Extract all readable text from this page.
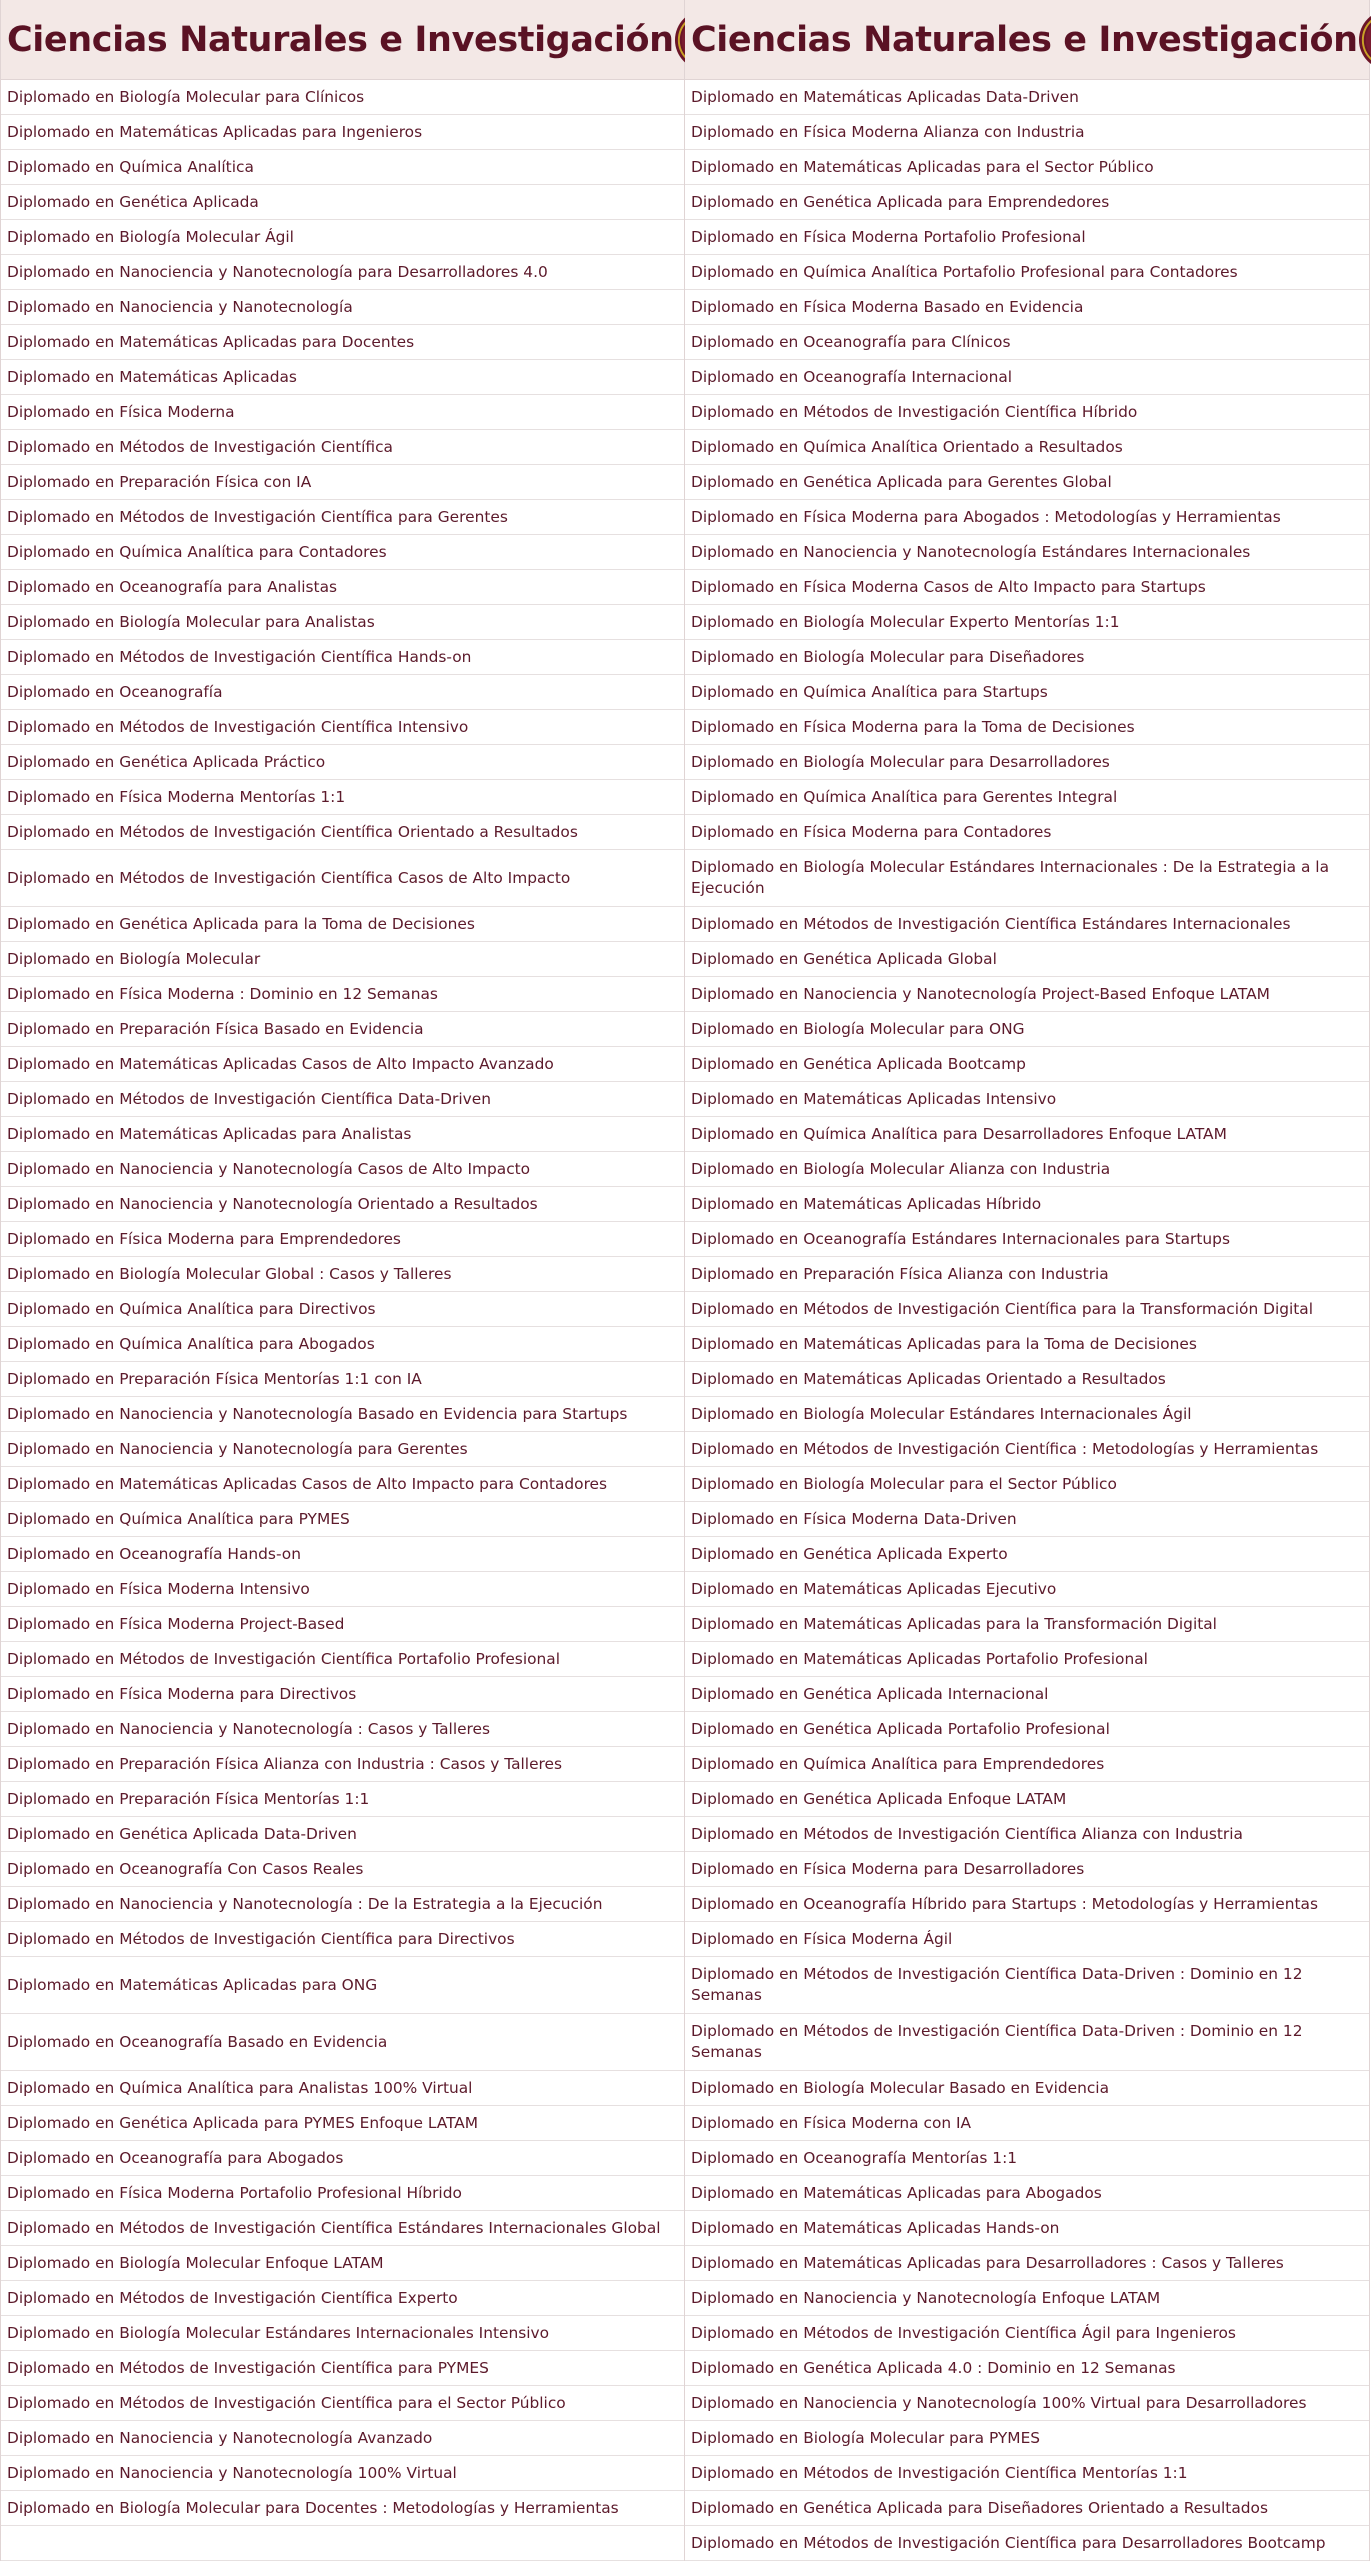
Ciencias Naturales e Investigación
Diplomado en Biología Molecular para Clínicos
Diplomado en Matemáticas Aplicadas para Ingenieros
Diplomado en Química Analítica
Diplomado en Genética Aplicada
Diplomado en Biología Molecular Ágil
Diplomado en Nanociencia y Nanotecnología para Desarrolladores 4.0
Diplomado en Nanociencia y Nanotecnología
Diplomado en Matemáticas Aplicadas para Docentes
Diplomado en Matemáticas Aplicadas
Diplomado en Física Moderna
Diplomado en Métodos de Investigación Científica
Diplomado en Preparación Física con IA
Diplomado en Métodos de Investigación Científica para Gerentes
Diplomado en Química Analítica para Contadores
Diplomado en Oceanografía para Analistas
Diplomado en Biología Molecular para Analistas
Diplomado en Métodos de Investigación Científica Hands-on
Diplomado en Oceanografía
Diplomado en Métodos de Investigación Científica Intensivo
Diplomado en Genética Aplicada Práctico
Diplomado en Física Moderna Mentorías 1:1
Diplomado en Métodos de Investigación Científica Orientado a Resultados
Diplomado en Métodos de Investigación Científica Casos de Alto Impacto
Diplomado en Genética Aplicada para la Toma de Decisiones
Diplomado en Biología Molecular
Diplomado en Física Moderna : Dominio en 12 Semanas
Diplomado en Preparación Física Basado en Evidencia
Diplomado en Matemáticas Aplicadas Casos de Alto Impacto Avanzado
Diplomado en Métodos de Investigación Científica Data-Driven
Diplomado en Matemáticas Aplicadas para Analistas
Diplomado en Nanociencia y Nanotecnología Casos de Alto Impacto
Diplomado en Nanociencia y Nanotecnología Orientado a Resultados
Diplomado en Física Moderna para Emprendedores
Diplomado en Biología Molecular Global : Casos y Talleres
Diplomado en Química Analítica para Directivos
Diplomado en Química Analítica para Abogados
Diplomado en Preparación Física Mentorías 1:1 con IA
Diplomado en Nanociencia y Nanotecnología Basado en Evidencia para Startups
Diplomado en Nanociencia y Nanotecnología para Gerentes
Diplomado en Matemáticas Aplicadas Casos de Alto Impacto para Contadores
Diplomado en Química Analítica para PYMES
Diplomado en Oceanografía Hands-on
Diplomado en Física Moderna Intensivo
Diplomado en Física Moderna Project-Based
Diplomado en Métodos de Investigación Científica Portafolio Profesional
Diplomado en Física Moderna para Directivos
Diplomado en Nanociencia y Nanotecnología : Casos y Talleres
Diplomado en Preparación Física Alianza con Industria : Casos y Talleres
Diplomado en Preparación Física Mentorías 1:1
Diplomado en Genética Aplicada Data-Driven
Diplomado en Oceanografía Con Casos Reales
Diplomado en Nanociencia y Nanotecnología : De la Estrategia a la Ejecución
Diplomado en Métodos de Investigación Científica para Directivos
Diplomado en Matemáticas Aplicadas para ONG
Diplomado en Oceanografía Basado en Evidencia
Diplomado en Química Analítica para Analistas 100% Virtual
Diplomado en Genética Aplicada para PYMES Enfoque LATAM
Diplomado en Oceanografía para Abogados
Diplomado en Física Moderna Portafolio Profesional Híbrido
Diplomado en Métodos de Investigación Científica Estándares Internacionales Global
Diplomado en Biología Molecular Enfoque LATAM
Diplomado en Métodos de Investigación Científica Experto
Diplomado en Biología Molecular Estándares Internacionales Intensivo
Diplomado en Métodos de Investigación Científica para PYMES
Diplomado en Métodos de Investigación Científica para el Sector Público
Diplomado en Nanociencia y Nanotecnología Avanzado
Diplomado en Nanociencia y Nanotecnología 100% Virtual
Diplomado en Biología Molecular para Docentes : Metodologías y Herramientas
Ciencias Naturales e Investigación
Diplomado en Matemáticas Aplicadas Data-Driven
Diplomado en Física Moderna Alianza con Industria
Diplomado en Matemáticas Aplicadas para el Sector Público
Diplomado en Genética Aplicada para Emprendedores
Diplomado en Física Moderna Portafolio Profesional
Diplomado en Química Analítica Portafolio Profesional para Contadores
Diplomado en Física Moderna Basado en Evidencia
Diplomado en Oceanografía para Clínicos
Diplomado en Oceanografía Internacional
Diplomado en Métodos de Investigación Científica Híbrido
Diplomado en Química Analítica Orientado a Resultados
Diplomado en Genética Aplicada para Gerentes Global
Diplomado en Física Moderna para Abogados : Metodologías y Herramientas
Diplomado en Nanociencia y Nanotecnología Estándares Internacionales
Diplomado en Física Moderna Casos de Alto Impacto para Startups
Diplomado en Biología Molecular Experto Mentorías 1:1
Diplomado en Biología Molecular para Diseñadores
Diplomado en Química Analítica para Startups
Diplomado en Física Moderna para la Toma de Decisiones
Diplomado en Biología Molecular para Desarrolladores
Diplomado en Química Analítica para Gerentes Integral
Diplomado en Física Moderna para Contadores
Diplomado en Biología Molecular Estándares Internacionales : De la Estrategia a la Ejecución
Diplomado en Métodos de Investigación Científica Estándares Internacionales
Diplomado en Genética Aplicada Global
Diplomado en Nanociencia y Nanotecnología Project-Based Enfoque LATAM
Diplomado en Biología Molecular para ONG
Diplomado en Genética Aplicada Bootcamp
Diplomado en Matemáticas Aplicadas Intensivo
Diplomado en Química Analítica para Desarrolladores Enfoque LATAM
Diplomado en Biología Molecular Alianza con Industria
Diplomado en Matemáticas Aplicadas Híbrido
Diplomado en Oceanografía Estándares Internacionales para Startups
Diplomado en Preparación Física Alianza con Industria
Diplomado en Métodos de Investigación Científica para la Transformación Digital
Diplomado en Matemáticas Aplicadas para la Toma de Decisiones
Diplomado en Matemáticas Aplicadas Orientado a Resultados
Diplomado en Biología Molecular Estándares Internacionales Ágil
Diplomado en Métodos de Investigación Científica : Metodologías y Herramientas
Diplomado en Biología Molecular para el Sector Público
Diplomado en Física Moderna Data-Driven
Diplomado en Genética Aplicada Experto
Diplomado en Matemáticas Aplicadas Ejecutivo
Diplomado en Matemáticas Aplicadas para la Transformación Digital
Diplomado en Matemáticas Aplicadas Portafolio Profesional
Diplomado en Genética Aplicada Internacional
Diplomado en Genética Aplicada Portafolio Profesional
Diplomado en Química Analítica para Emprendedores
Diplomado en Genética Aplicada Enfoque LATAM
Diplomado en Métodos de Investigación Científica Alianza con Industria
Diplomado en Física Moderna para Desarrolladores
Diplomado en Oceanografía Híbrido para Startups : Metodologías y Herramientas
Diplomado en Física Moderna Ágil
Diplomado en Métodos de Investigación Científica Data-Driven : Dominio en 12 Semanas
Diplomado en Métodos de Investigación Científica Data-Driven : Dominio en 12 Semanas
Diplomado en Biología Molecular Basado en Evidencia
Diplomado en Física Moderna con IA
Diplomado en Oceanografía Mentorías 1:1
Diplomado en Matemáticas Aplicadas para Abogados
Diplomado en Matemáticas Aplicadas Hands-on
Diplomado en Matemáticas Aplicadas para Desarrolladores : Casos y Talleres
Diplomado en Nanociencia y Nanotecnología Enfoque LATAM
Diplomado en Métodos de Investigación Científica Ágil para Ingenieros
Diplomado en Genética Aplicada 4.0 : Dominio en 12 Semanas
Diplomado en Nanociencia y Nanotecnología 100% Virtual para Desarrolladores
Diplomado en Biología Molecular para PYMES
Diplomado en Métodos de Investigación Científica Mentorías 1:1
Diplomado en Genética Aplicada para Diseñadores Orientado a Resultados
Diplomado en Métodos de Investigación Científica para Desarrolladores Bootcamp
